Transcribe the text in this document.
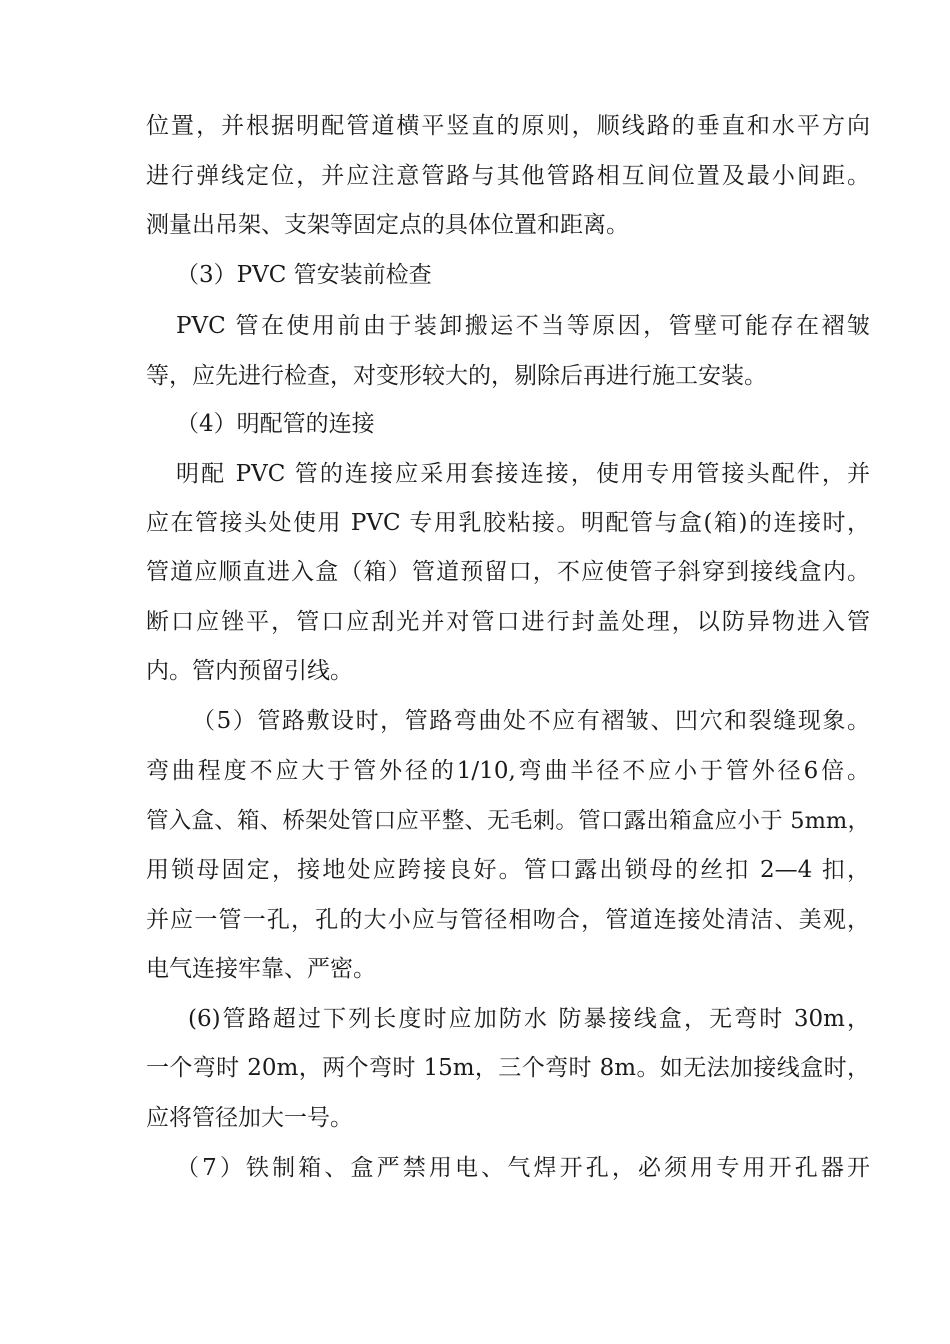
位置，并根据明配管道横平竖直的原则，顺线路的垂直和水平方向
进行弹线定位，并应注意管路与其他管路相互间位置及最小间距。
测量出吊架、支架等固定点的具体位置和距离。
（3）PVC 管安装前检查
PVC 管在使用前由于装卸搬运不当等原因，管壁可能存在褶皱
等，应先进行检查，对变形较大的，剔除后再进行施工安装。
（4）明配管的连接
明配 PVC 管的连接应采用套接连接，使用专用管接头配件，并
应在管接头处使用 PVC 专用乳胶粘接。明配管与盒(箱)的连接时，
管道应顺直进入盒（箱）管道预留口，不应使管子斜穿到接线盒内。
断口应锉平，管口应刮光并对管口进行封盖处理，以防异物进入管
内。管内预留引线。
（5）管路敷设时，管路弯曲处不应有褶皱、凹穴和裂缝现象。
弯曲程度不应大于管外径的1/10,弯曲半径不应小于管外径6倍。
管入盒、箱、桥架处管口应平整、无毛刺。管口露出箱盒应小于 5mm，
用锁母固定，接地处应跨接良好。管口露出锁母的丝扣 2—4 扣，
并应一管一孔，孔的大小应与管径相吻合，管道连接处清洁、美观，
电气连接牢靠、严密。
(6)管路超过下列长度时应加防水 防暴接线盒，无弯时 30m，
一个弯时 20m，两个弯时 15m，三个弯时 8m。如无法加接线盒时，
应将管径加大一号。
（7）铁制箱、盒严禁用电、气焊开孔，必须用专用开孔器开
